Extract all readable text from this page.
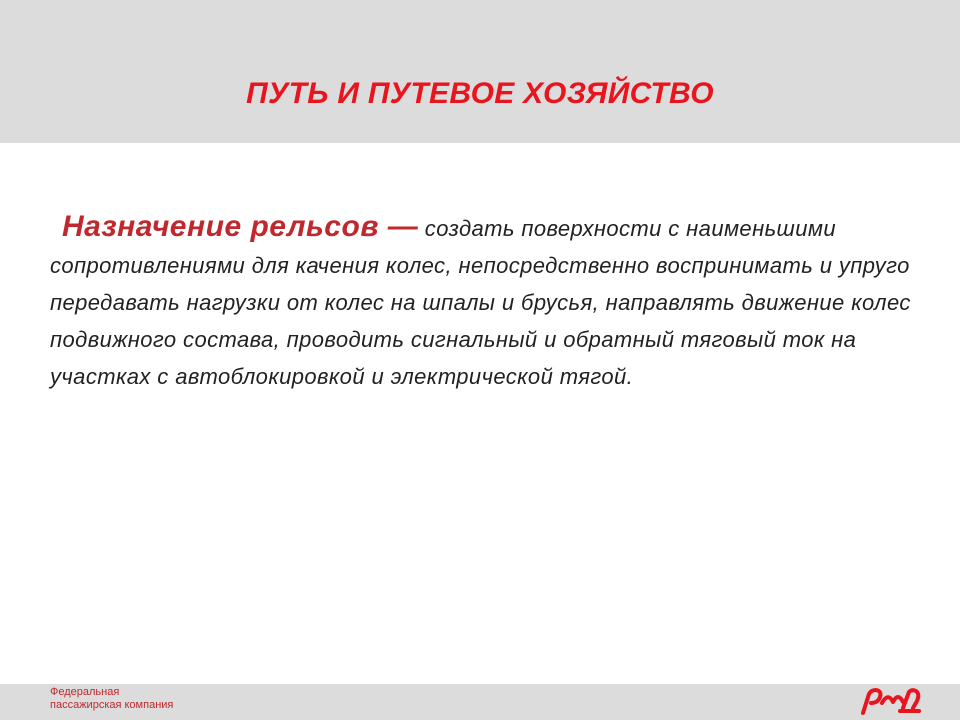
ПУТЬ И ПУТЕВОЕ ХОЗЯЙСТВО

Назначение рельсов — создать поверхности с наименьшими сопротивлениями для качения колес, непосредственно воспринимать и упруго передавать нагрузки от колес на шпалы и брусья, направлять движение колес подвижного состава, проводить сигнальный и обратный тяговый ток на участках с автоблокировкой и электрической тягой.

Федеральная
пассажирская компания
